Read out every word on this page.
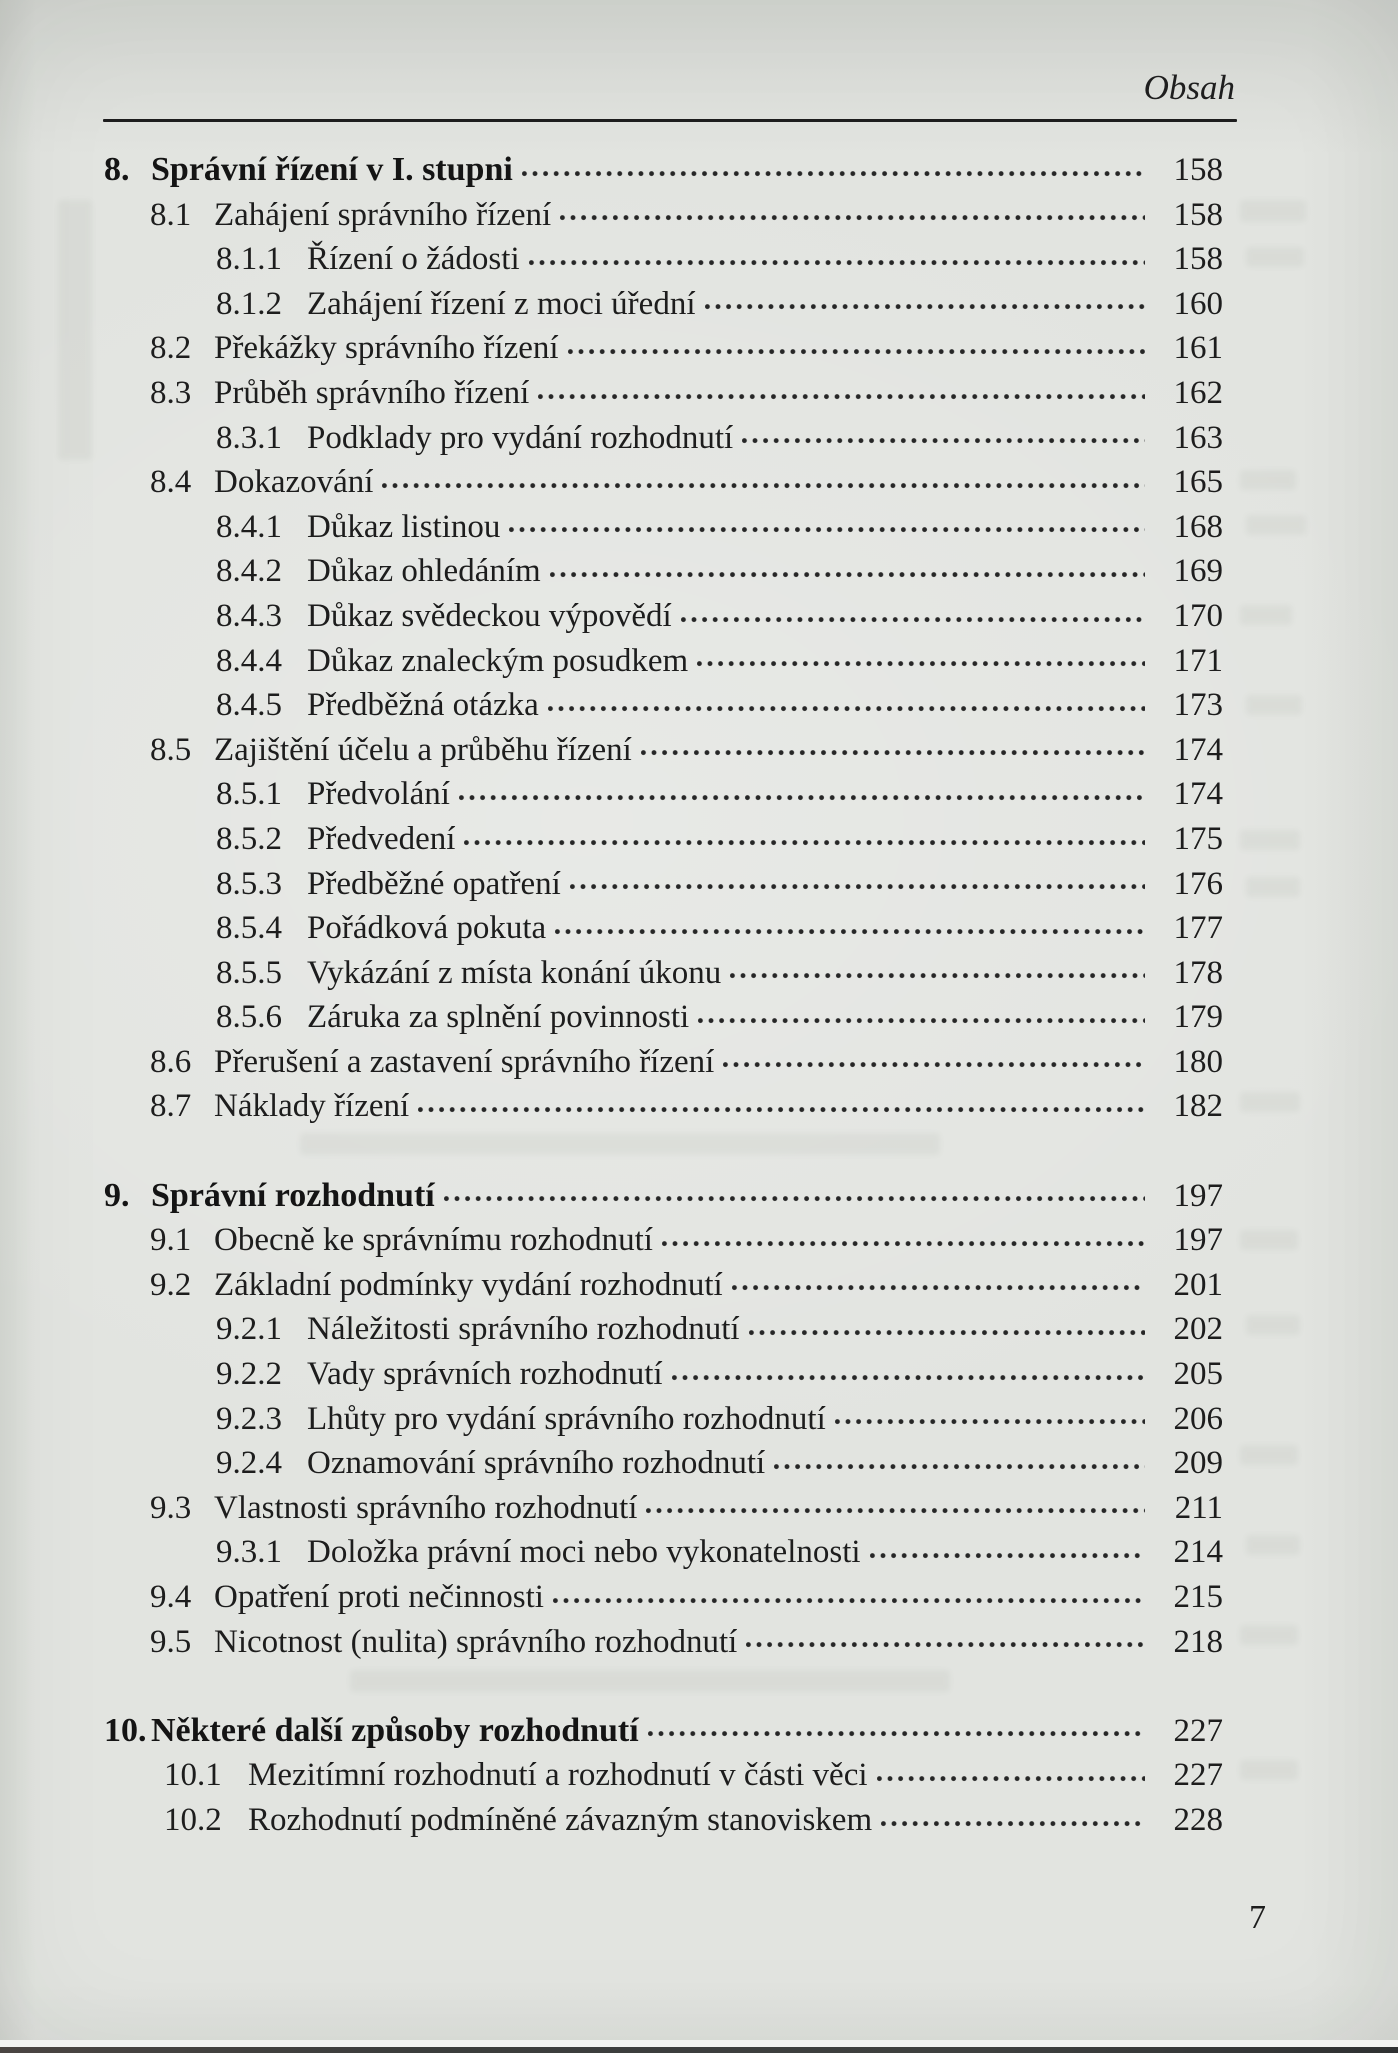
Obsah
8. Správní řízení v I. stupni	158
8.1 Zahájení správního řízení	158
8.1.1 Řízení o žádosti	158
8.1.2 Zahájení řízení z moci úřední	160
8.2 Překážky správního řízení	161
8.3 Průběh správního řízení	162
8.3.1 Podklady pro vydání rozhodnutí	163
8.4 Dokazování	165
8.4.1 Důkaz listinou	168
8.4.2 Důkaz ohledáním	169
8.4.3 Důkaz svědeckou výpovědí	170
8.4.4 Důkaz znaleckým posudkem	171
8.4.5 Předběžná otázka	173
8.5 Zajištění účelu a průběhu řízení	174
8.5.1 Předvolání	174
8.5.2 Předvedení	175
8.5.3 Předběžné opatření	176
8.5.4 Pořádková pokuta	177
8.5.5 Vykázání z místa konání úkonu	178
8.5.6 Záruka za splnění povinnosti	179
8.6 Přerušení a zastavení správního řízení	180
8.7 Náklady řízení	182
9. Správní rozhodnutí	197
9.1 Obecně ke správnímu rozhodnutí	197
9.2 Základní podmínky vydání rozhodnutí	201
9.2.1 Náležitosti správního rozhodnutí	202
9.2.2 Vady správních rozhodnutí	205
9.2.3 Lhůty pro vydání správního rozhodnutí	206
9.2.4 Oznamování správního rozhodnutí	209
9.3 Vlastnosti správního rozhodnutí	211
9.3.1 Doložka právní moci nebo vykonatelnosti	214
9.4 Opatření proti nečinnosti	215
9.5 Nicotnost (nulita) správního rozhodnutí	218
10. Některé další způsoby rozhodnutí	227
10.1 Mezitímní rozhodnutí a rozhodnutí v části věci	227
10.2 Rozhodnutí podmíněné závazným stanoviskem	228
7
